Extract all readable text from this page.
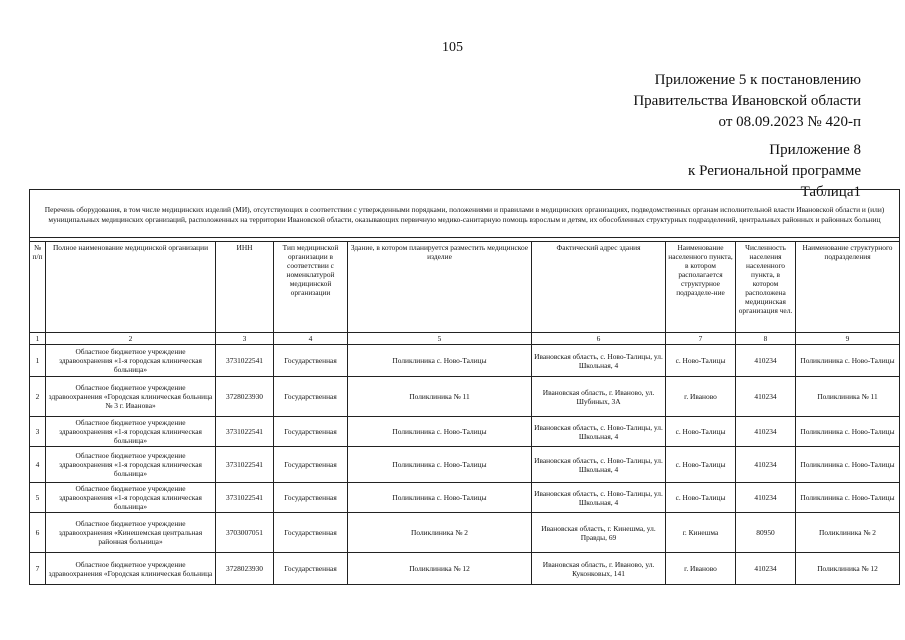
105
Приложение 5 к постановлению
Правительства Ивановской области
от 08.09.2023 № 420-п
Приложение 8
к Региональной программе
Таблица1
Перечень оборудования, в том числе медицинских изделий (МИ), отсутствующих в соответствии с утвержденными порядками, положениями и правилами в медицинских организациях, подведомственных органам исполнительной власти Ивановской области и (или) муниципальных медицинских организаций, расположенных на территории Ивановской области, оказывающих первичную медико-санитарную помощь взрослым и детям, их обособленных структурных подразделений, центральных районных и районных больниц								

№ п/п	Полное наименование медицинской организации	ИНН	Тип медицинской организации в соответствии с номенклатурой медицинской организации	Здание, в котором планируется разместить медицинское изделие	Фактический адрес здания	Наименование населенного пункта, в котором располагается структурное подразделе-ние	Численность населения населенного пункта, в котором расположена медицинская организация чел.	Наименование структурного подразделения
1	2	3	4	5	6	7	8	9
1	Областное бюджетное учреждение здравоохранения «1-я городская клиническая больница»	3731022541	Государственная	Поликлиника с. Ново-Талицы	Ивановская область, с. Ново-Талицы, ул. Школьная, 4	с. Ново-Талицы	410234	Поликлиника с. Ново-Талицы
2	Областное бюджетное учреждение здравоохранения «Городская клиническая больница № 3 г. Иванова»	3728023930	Государственная	Поликлиника № 11	Ивановская область, г. Иваново, ул. Шубиных, 3А	г. Иваново	410234	Поликлиника № 11
3	Областное бюджетное учреждение здравоохранения «1-я городская клиническая больница»	3731022541	Государственная	Поликлиника с. Ново-Талицы	Ивановская область, с. Ново-Талицы, ул. Школьная, 4	с. Ново-Талицы	410234	Поликлиника с. Ново-Талицы
4	Областное бюджетное учреждение здравоохранения «1-я городская клиническая больница»	3731022541	Государственная	Поликлиника с. Ново-Талицы	Ивановская область, с. Ново-Талицы, ул. Школьная, 4	с. Ново-Талицы	410234	Поликлиника с. Ново-Талицы
5	Областное бюджетное учреждение здравоохранения «1-я городская клиническая больница»	3731022541	Государственная	Поликлиника с. Ново-Талицы	Ивановская область, с. Ново-Талицы, ул. Школьная, 4	с. Ново-Талицы	410234	Поликлиника с. Ново-Талицы
6	Областное бюджетное учреждение здравоохранения «Кинешемская центральная районная больница»	3703007051	Государственная	Поликлиника № 2	Ивановская область, г. Кинешма, ул. Правды, 69	г. Кинешма	80950	Поликлиника № 2
7	Областное бюджетное учреждение здравоохранения «Городская клиническая больница	3728023930	Государственная	Поликлиника № 12	Ивановская область, г. Иваново, ул. Куконковых, 141	г. Иваново	410234	Поликлиника № 12
